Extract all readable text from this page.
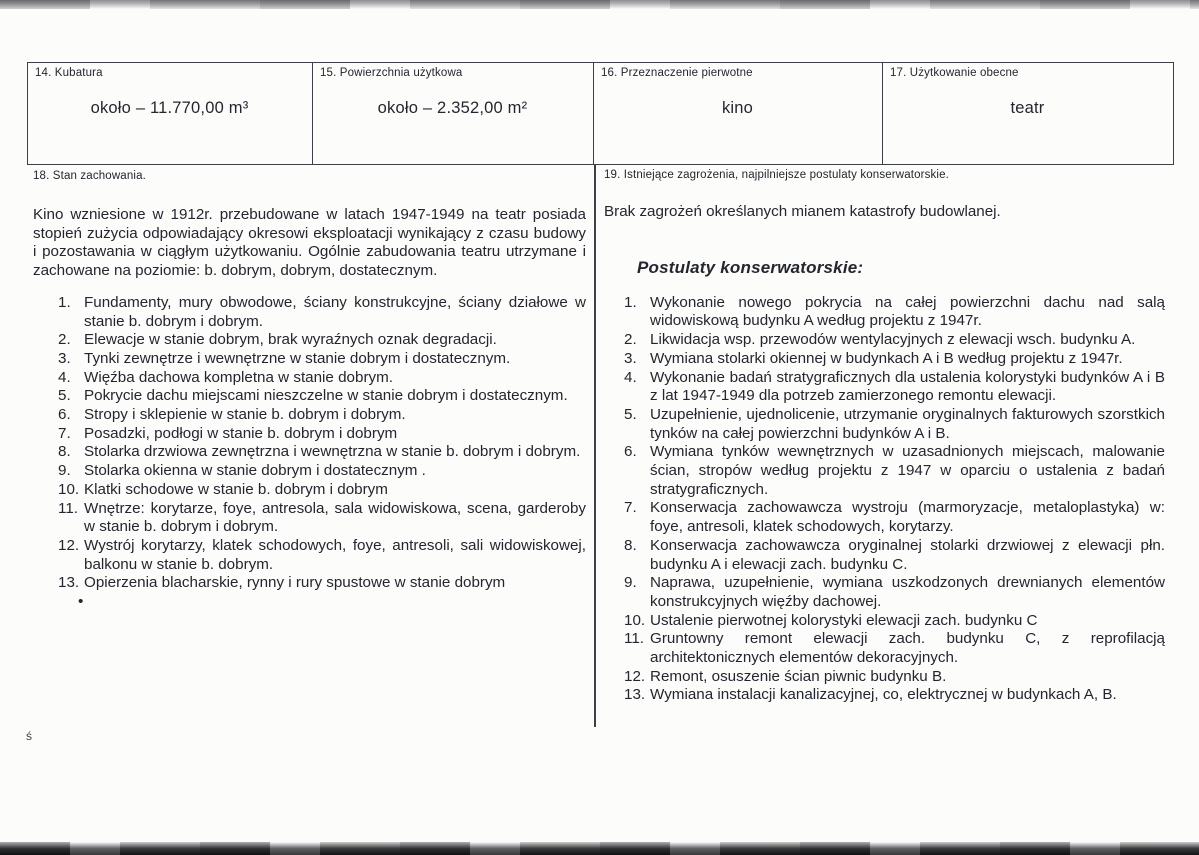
14. Kubatura
około – 11.770,00 m³
15. Powierzchnia użytkowa
około – 2.352,00 m²
16. Przeznaczenie pierwotne
kino
17. Użytkowanie obecne
teatr
18. Stan zachowania.

Kino wzniesione w 1912r. przebudowane w latach 1947-1949 na teatr posiada stopień zużycia odpowiadający okresowi eksploatacji wynikający z czasu budowy i pozostawania w ciągłym użytkowaniu. Ogólnie zabudowania teatru utrzymane i zachowane na poziomie: b. dobrym, dobrym, dostatecznym.

Fundamenty, mury obwodowe, ściany konstrukcyjne, ściany działowe w stanie b. dobrym i dobrym.
Elewacje w stanie dobrym, brak wyraźnych oznak degradacji.
Tynki zewnętrze i wewnętrzne w stanie dobrym i dostatecznym.
Więźba dachowa kompletna w stanie dobrym.
Pokrycie dachu miejscami nieszczelne w stanie dobrym i dostatecznym.
Stropy i sklepienie w stanie b. dobrym i dobrym.
Posadzki, podłogi w stanie b. dobrym i dobrym
Stolarka drzwiowa zewnętrzna i wewnętrzna w stanie b. dobrym i dobrym.
Stolarka okienna w stanie dobrym i dostatecznym .
Klatki schodowe w stanie b. dobrym i dobrym
Wnętrze: korytarze, foye, antresola, sala widowiskowa, scena, garderoby w stanie b. dobrym i dobrym.
Wystrój korytarzy, klatek schodowych, foye, antresoli, sali widowiskowej, balkonu w stanie b. dobrym.
Opierzenia blacharskie, rynny i rury spustowe w stanie dobrym
•
19. Istniejące zagrożenia, najpilniejsze postulaty konserwatorskie.

Brak zagrożeń określanych mianem katastrofy budowlanej.

Postulaty konserwatorskie:
Wykonanie nowego pokrycia na całej powierzchni dachu nad salą widowiskową budynku A według projektu z 1947r.
Likwidacja wsp. przewodów wentylacyjnych z elewacji wsch. budynku A.
Wymiana stolarki okiennej w budynkach A i B według projektu z 1947r.
Wykonanie badań stratygraficznych dla ustalenia kolorystyki budynków A i B z lat 1947-1949 dla potrzeb zamierzonego remontu elewacji.
Uzupełnienie, ujednolicenie, utrzymanie oryginalnych fakturowych szorstkich tynków na całej powierzchni budynków A i B.
Wymiana tynków wewnętrznych w uzasadnionych miejscach, malowanie ścian, stropów według projektu z 1947 w oparciu o ustalenia z badań stratygraficznych.
Konserwacja zachowawcza wystroju (marmoryzacje, metaloplastyka) w: foye, antresoli, klatek schodowych, korytarzy.
Konserwacja zachowawcza oryginalnej stolarki drzwiowej z elewacji płn. budynku A i elewacji zach. budynku C.
Naprawa, uzupełnienie, wymiana uszkodzonych drewnianych elementów konstrukcyjnych więźby dachowej.
Ustalenie pierwotnej kolorystyki elewacji zach. budynku C
Gruntowny remont elewacji zach. budynku C, z reprofilacją architektonicznych elementów dekoracyjnych.
Remont, osuszenie ścian piwnic budynku B.
Wymiana instalacji kanalizacyjnej, co, elektrycznej w budynkach A, B.
ś
